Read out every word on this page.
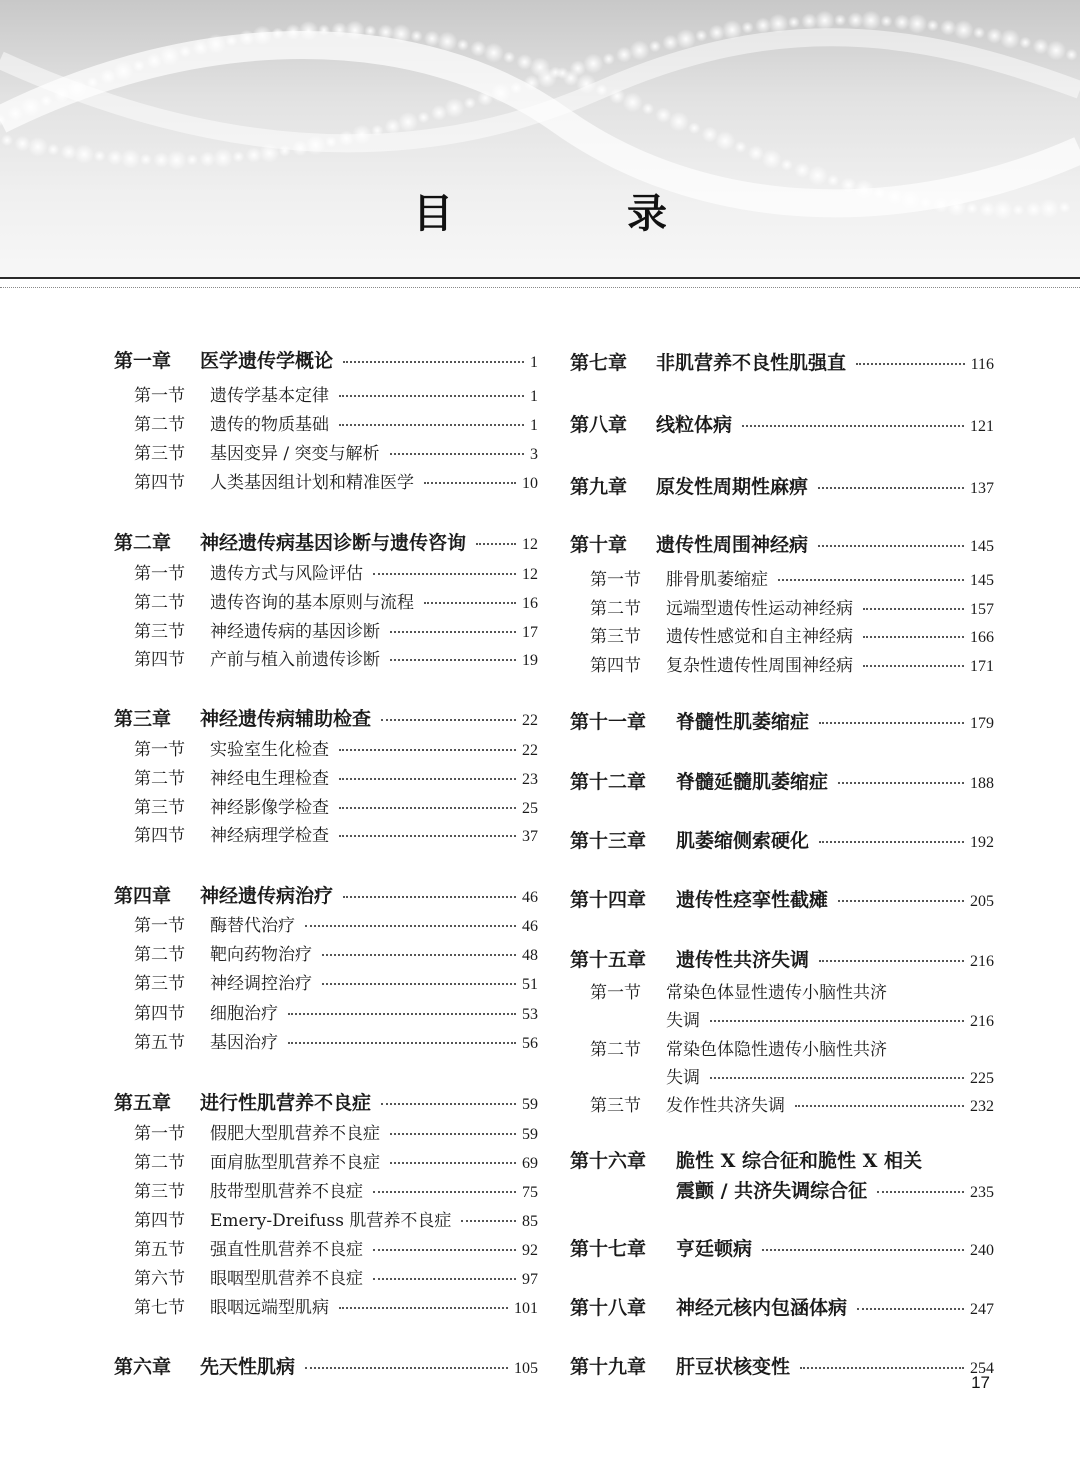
目 录
第一章	医学遗传学概论	1
第一节	遗传学基本定律	1
第二节	遗传的物质基础	1
第三节	基因变异 / 突变与解析	3
第四节	人类基因组计划和精准医学	10
第二章	神经遗传病基因诊断与遗传咨询	12
第一节	遗传方式与风险评估	12
第二节	遗传咨询的基本原则与流程	16
第三节	神经遗传病的基因诊断	17
第四节	产前与植入前遗传诊断	19
第三章	神经遗传病辅助检查	22
第一节	实验室生化检查	22
第二节	神经电生理检查	23
第三节	神经影像学检查	25
第四节	神经病理学检查	37
第四章	神经遗传病治疗	46
第一节	酶替代治疗	46
第二节	靶向药物治疗	48
第三节	神经调控治疗	51
第四节	细胞治疗	53
第五节	基因治疗	56
第五章	进行性肌营养不良症	59
第一节	假肥大型肌营养不良症	59
第二节	面肩肱型肌营养不良症	69
第三节	肢带型肌营养不良症	75
第四节	Emery-Dreifuss 肌营养不良症	85
第五节	强直性肌营养不良症	92
第六节	眼咽型肌营养不良症	97
第七节	眼咽远端型肌病	101
第六章	先天性肌病	105
第七章	非肌营养不良性肌强直	116
第八章	线粒体病	121
第九章	原发性周期性麻痹	137
第十章	遗传性周围神经病	145
第一节	腓骨肌萎缩症	145
第二节	远端型遗传性运动神经病	157
第三节	遗传性感觉和自主神经病	166
第四节	复杂性遗传性周围神经病	171
第十一章	脊髓性肌萎缩症	179
第十二章	脊髓延髓肌萎缩症	188
第十三章	肌萎缩侧索硬化	192
第十四章	遗传性痉挛性截瘫	205
第十五章	遗传性共济失调	216
第一节	常染色体显性遗传小脑性共济
失调	216
第二节	常染色体隐性遗传小脑性共济
失调	225
第三节	发作性共济失调	232
第十六章	脆性 X 综合征和脆性 X 相关
震颤 / 共济失调综合征	235
第十七章	亨廷顿病	240
第十八章	神经元核内包涵体病	247
第十九章	肝豆状核变性	254
17
